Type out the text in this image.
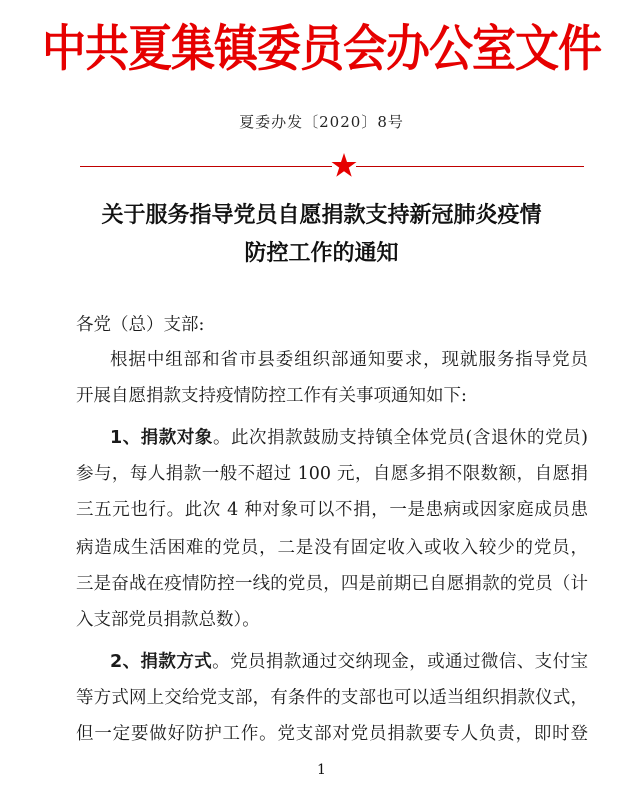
中共夏集镇委员会办公室文件
夏委办发〔2020〕8号
关于服务指导党员自愿捐款支持新冠肺炎疫情
防控工作的通知
各党（总）支部:
根据中组部和省市县委组织部通知要求，现就服务指导党员
开展自愿捐款支持疫情防控工作有关事项通知如下:
1、捐款对象。此次捐款鼓励支持镇全体党员(含退休的党员)
参与，每人捐款一般不超过 100 元，自愿多捐不限数额，自愿捐
三五元也行。此次 4 种对象可以不捐，一是患病或因家庭成员患
病造成生活困难的党员，二是没有固定收入或收入较少的党员，
三是奋战在疫情防控一线的党员，四是前期已自愿捐款的党员（计
入支部党员捐款总数）。
2、捐款方式。党员捐款通过交纳现金，或通过微信、支付宝
等方式网上交给党支部，有条件的支部也可以适当组织捐款仪式，
但一定要做好防护工作。党支部对党员捐款要专人负责，即时登
1
